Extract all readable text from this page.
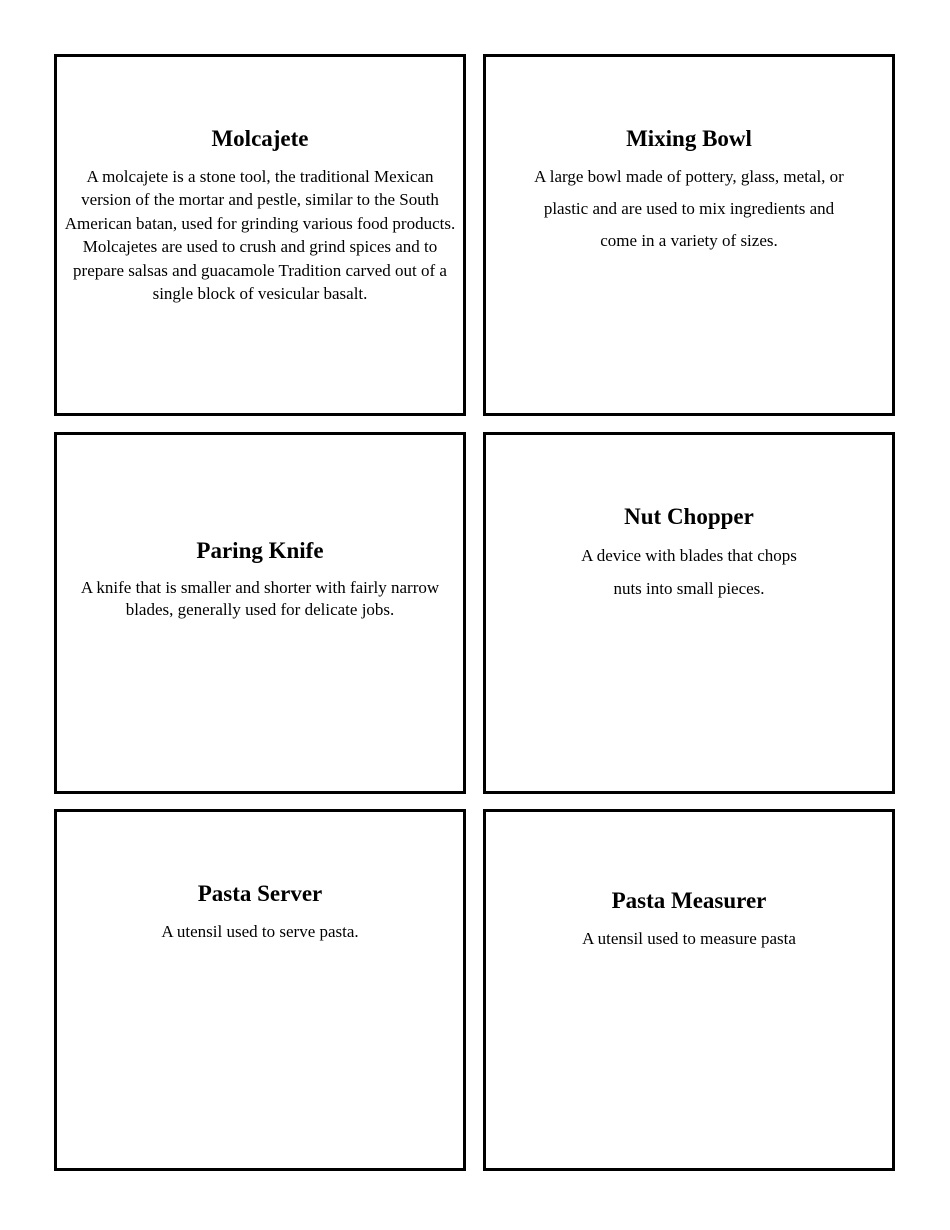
Molcajete

A molcajete is a stone tool, the traditional Mexican version of the mortar and pestle, similar to the South American batan, used for grinding various food products. Molcajetes are used to crush and grind spices and to prepare salsas and guacamole Tradition carved out of a single block of vesicular basalt.

Mixing Bowl

A large bowl made of pottery, glass, metal, or plastic and are used to mix ingredients and come in a variety of sizes.

Paring Knife

A knife that is smaller and shorter with fairly narrow blades, generally used for delicate jobs.

Nut Chopper

A device with blades that chops nuts into small pieces.

Pasta Server

A utensil used to serve pasta.

Pasta Measurer

A utensil used to measure pasta
